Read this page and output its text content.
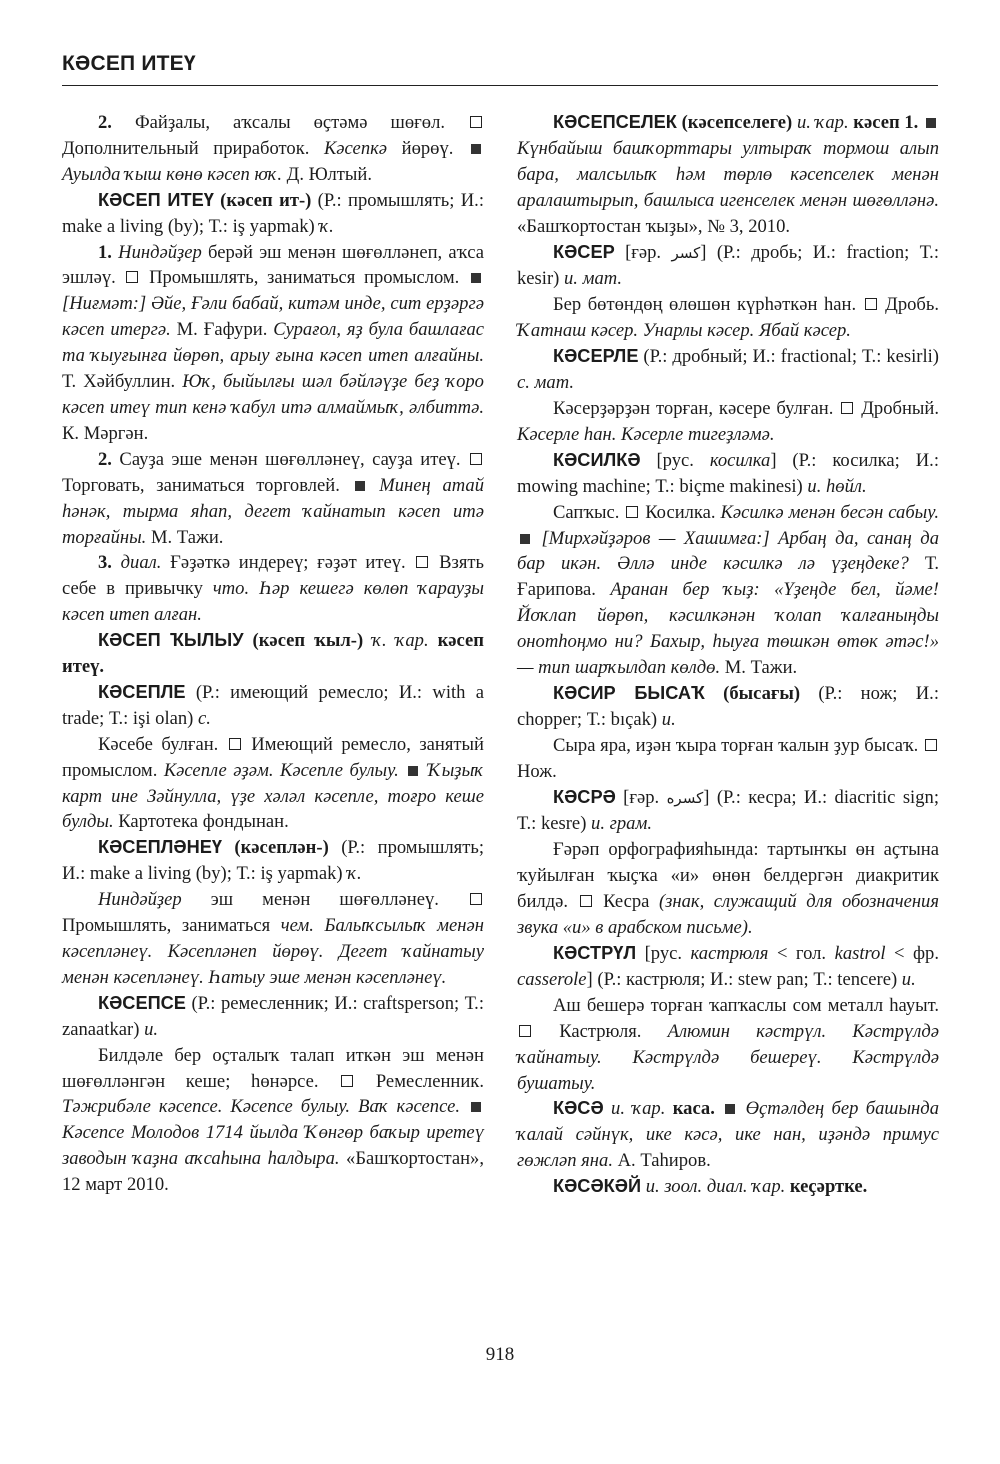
КӘСЕП ИТЕҮ

2. Файҙалы, аҡсалы өҫтәмә шөғөл.  Дополнительный приработок. Кәсепкә йөрөү.  Ауылда ҡыш көнө кәсеп юҡ. Д. Юлтый.

КӘСЕП ИТЕҮ (кәсеп ит-) (Р.: промышлять; И.: make a living (by); Т.: iş yapmak) ҡ.

1. Ниндәйҙер берәй эш менән шөғөлләнеп, аҡса эшләү.  Промышлять, заниматься промыслом.  [Ниғмәт:] Әйе, Ғәли бабай, китәм инде, сит ерҙәргә кәсеп итергә. М. Ғафури. Сурағол, яҙ була башлағас та ҡыуғынға йөрөп, арыу ғына кәсеп итеп алғайны. Т. Хәйбуллин. Юҡ, быйылғы шәл бәйләүҙе беҙ ҡоро кәсеп итеү тип кенә ҡабул итә алмаймыҡ, әлбиттә. К. Мәргән.

2. Сауҙа эше менән шөғөлләнеү, сауҙа итеү.  Торговать, заниматься торговлей.  Минең атай һәнәк, тырма яһап, дегет ҡайнатып кәсеп итә торғайны. М. Тажи.

3. диал. Ғәҙәткә индереү; ғәҙәт итеү.  Взять себе в привычку что. Һәр кешегә көлөп ҡарауҙы кәсеп итеп алған.

КӘСЕП ҠЫЛЫУ (кәсеп ҡыл-) ҡ. ҡар. кәсеп итеү.

КӘСЕПЛЕ (Р.: имеющий ремесло; И.: with a trade; Т.: işi olan) с.

Кәсебе булған.  Имеющий ремесло, занятый промыслом. Кәсепле әҙәм. Кәсепле булыу.  Ҡыҙыҡ карт ине Зәйнулла, үҙе хәләл кәсепле, тоғро кеше булды. Картотека фондынан.

КӘСЕПЛӘНЕҮ (кәсеплән-) (Р.: промышлять; И.: make a living (by); Т.: iş yapmak) ҡ.

Ниндәйҙер эш менән шөғөлләнеү.  Промышлять, заниматься чем. Балыҡсылыҡ менән кәсепләнеү. Кәсепләнеп йөрөү. Дегет ҡайнатыу менән кәсепләнеү. Һатыу эше менән кәсепләнеү.

КӘСЕПСЕ (Р.: ремесленник; И.: craftsperson; Т.: zanaatkar) и.

Билдәле бер оҫталыҡ талап иткән эш менән шөғөлләнгән кеше; һөнәрсе.  Ремесленник. Тәжрибәле кәсепсе. Кәсепсе булыу. Ваҡ кәсепсе.  Кәсепсе Молодов 1714 йылда Ҡөнгөр баҡыр иретеү заводын ҡаҙна аҡсаһына һалдыра. «Башҡортостан», 12 март 2010.

КӘСЕПСЕЛЕК (кәсепселеге) и. ҡар. кәсеп 1.  Күнбайыш башҡорттары ултыраҡ тормош алып бара, малсылыҡ һәм төрлө кәсепселек менән аралаштырып, башлыса игенселек менән шөғөлләнә. «Башҡортостан ҡыҙы», № 3, 2010.

КӘСЕР [ғәр. كسر] (Р.: дробь; И.: fraction; Т.: kesir) и. мат.

Бер бөтөндөң өлөшөн күрһәткән һан.  Дробь. Ҡатнаш кәсер. Унарлы кәсер. Ябай кәсер.

КӘСЕРЛЕ (Р.: дробный; И.: fractional; Т.: kesirli) с. мат.

Кәсерҙәрҙән торған, кәсере булған.  Дробный. Кәсерле һан. Кәсерле тигеҙләмә.

КӘСИЛКӘ [рус. косилка] (Р.: косилка; И.: mowing machine; Т.: biçme makinesi) и. һөйл.

Сапҡыс.  Косилка. Кәсилкә менән бесән сабыу.  [Мирхәйҙәров — Хашимға:] Арбаң да, санаң да бар икән. Әллә инде кәсилкә лә үҙеңдеке? Т. Ғарипова. Аранан бер ҡыҙ: «Үҙеңде бел, йәме! Йоҡлап йөрөп, кәсилкәнән ҡолап ҡалғаныңды онотһоңмо ни? Бахыр, һыуға төшкән өтөк әтәс!» — тип шарҡылдап көлдө. М. Тажи.

КӘСИР БЫСАҠ (бысағы) (Р.: нож; И.: chopper; Т.: bıçak) и.

Сыра яра, иҙән ҡыра торған ҡалын ҙур бысаҡ.  Нож.

КӘСРӘ [ғәр. كسره] (Р.: кесра; И.: diacritic sign; Т.: kesre) и. грам.

Ғәрәп орфографияһында: тартынҡы өн аҫтына ҡуйылған ҡыҫҡа «и» өнөн белдергән диакритик билдә.  Кесра (знак, служащий для обозначения звука «и» в арабском письме).

КӘСТРҮЛ [рус. кастрюля < гол. kastrol < фр. casserole] (Р.: кастрюля; И.: stew pan; Т.: tencere) и.

Аш бешерә торған ҡапҡаслы сом металл һауыт.  Кастрюля. Алюмин кәстрүл. Кәстрүлдә ҡайнатыу. Кәстрүлдә бешереү. Кәстрүлдә бушатыу.

КӘСӘ и. ҡар. каса.  Өҫтәлдең бер башында ҡалай сәйнүк, ике кәсә, ике нан, иҙәндә примус гөжләп яна. А. Таһиров.

КӘСӘКӘЙ и. зоол. диал. ҡар. кеҫәртке.

918
